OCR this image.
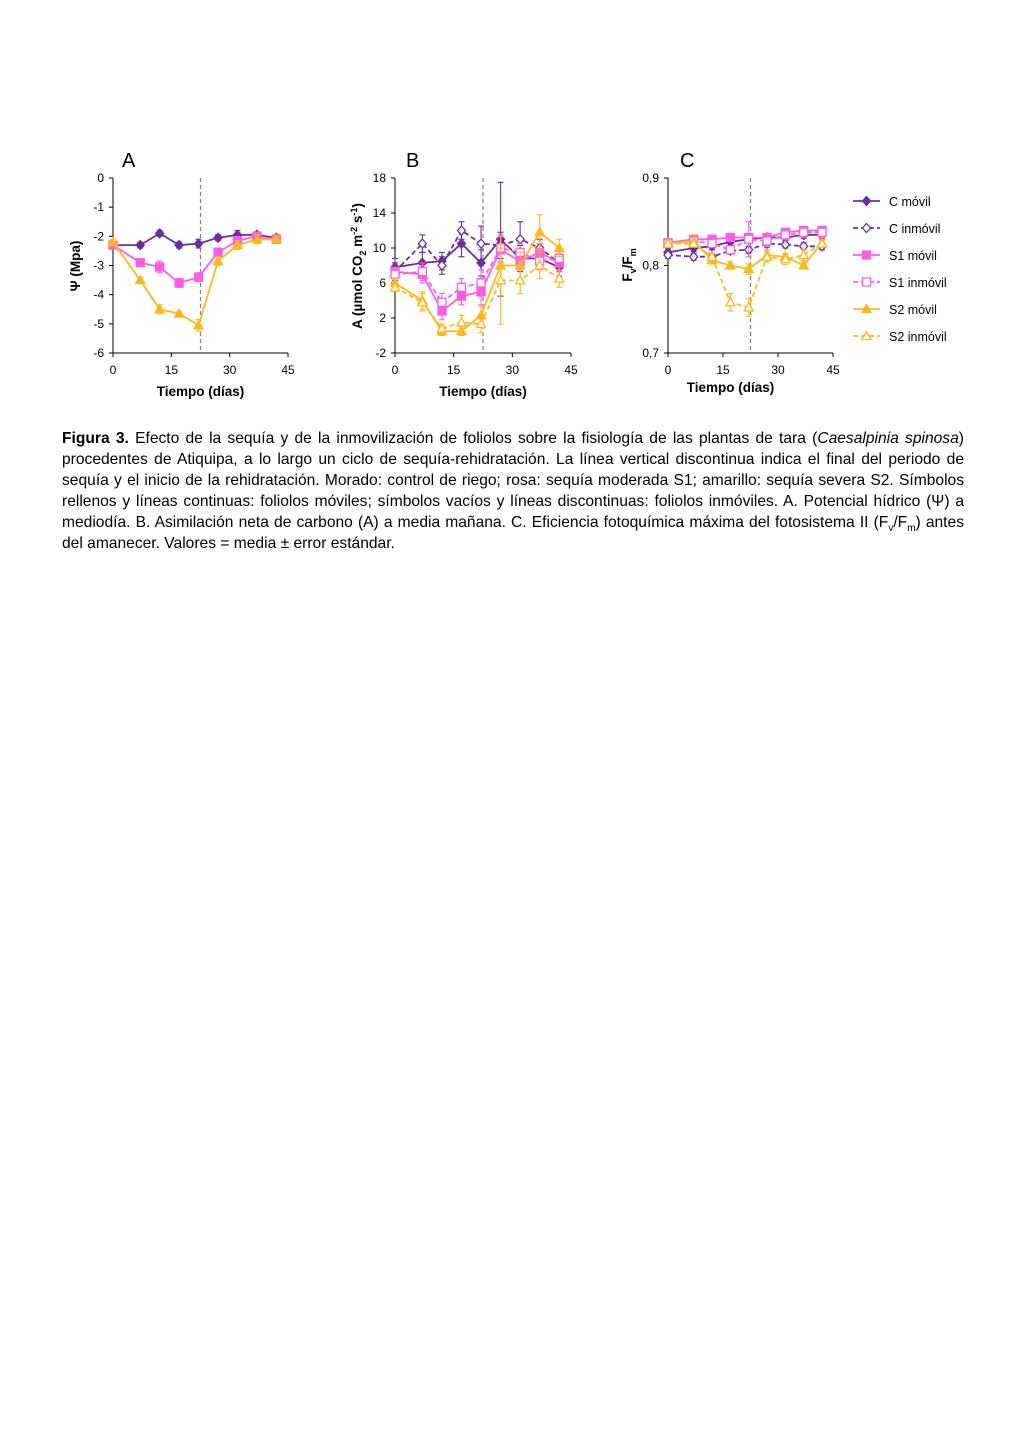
A
0
-1
-2
-3
-4
-5
-6
0	15	30	45
Tiempo (días)
Ψ (Mpa)
B
18
14
10
6
2
-2
0	15	30	45
Tiempo (días)
A (µmol $CO_2$ $m^{-2}$ $s^{-1}$)
C
0,9
0,8
0,7
0	15	30	45
Tiempo (días)
$F_v/F_m$
C móvil
C inmóvil
S1 móvil
S1 inmóvil
S2 móvil
S2 inmóvil
Figura 3. Efecto de la sequía y de la inmovilización de foliolos sobre la fisiología de las plantas de tara (Caesalpinia spinosa) procedentes de Atiquipa, a lo largo un ciclo de sequía-rehidratación. La línea vertical discontinua indica el final del periodo de sequía y el inicio de la rehidratación. Morado: control de riego; rosa: sequía moderada S1; amarillo: sequía severa S2. Símbolos rellenos y líneas continuas: foliolos móviles; símbolos vacíos y líneas discontinuas: foliolos inmóviles. A. Potencial hídrico (Ψ) a mediodía. B. Asimilación neta de carbono (A) a media mañana. C. Eficiencia fotoquímica máxima del fotosistema II $(F_v/F_m)$ antes del amanecer. Valores = media ± error estándar.
